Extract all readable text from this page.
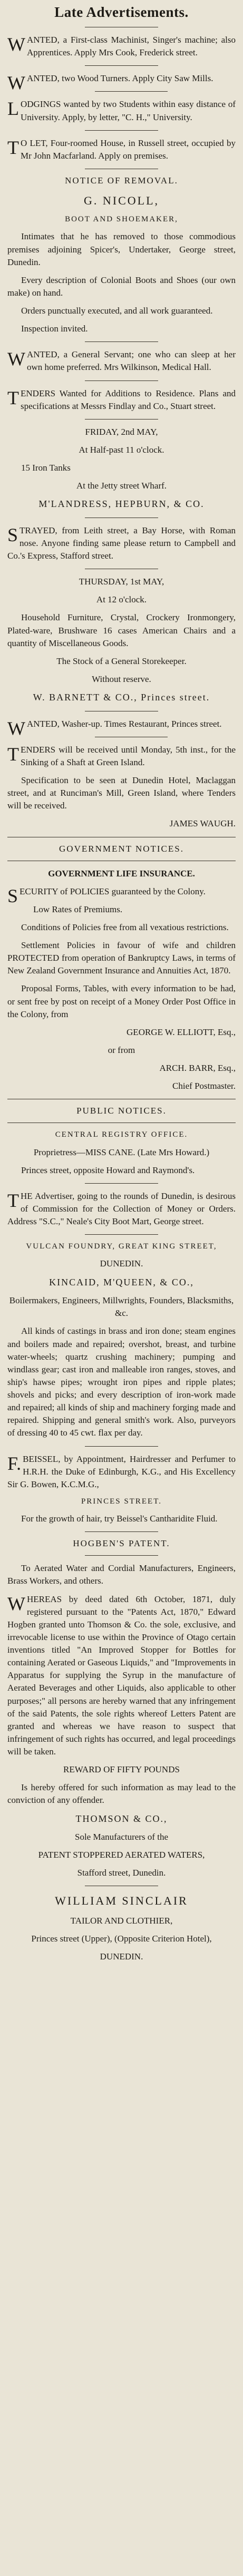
Late Advertisements.

WANTED, a First-class Machinist, Singer's machine; also Apprentices. Apply Mrs Cook, Frederick street.

WANTED, two Wood Turners. Apply City Saw Mills.

LODGINGS wanted by two Students within easy distance of University. Apply, by letter, "C. H.," University.

TO LET, Four-roomed House, in Russell street, occupied by Mr John Macfarland. Apply on premises.

NOTICE OF REMOVAL.

G. NICOLL,

BOOT AND SHOEMAKER,

Intimates that he has removed to those commodious premises adjoining Spicer's, Undertaker, George street, Dunedin.

Every description of Colonial Boots and Shoes (our own make) on hand.

Orders punctually executed, and all work guaranteed.

Inspection invited.

WANTED, a General Servant; one who can sleep at her own home preferred. Mrs Wilkinson, Medical Hall.

TENDERS Wanted for Additions to Residence. Plans and specifications at Messrs Findlay and Co., Stuart street.

FRIDAY, 2nd MAY,

At Half-past 11 o'clock.

15 Iron Tanks

At the Jetty street Wharf.

M'LANDRESS, HEPBURN, & CO.

STRAYED, from Leith street, a Bay Horse, with Roman nose. Anyone finding same please return to Campbell and Co.'s Express, Stafford street.

THURSDAY, 1st MAY,

At 12 o'clock.

Household Furniture, Crystal, Crockery Ironmongery, Plated-ware, Brushware 16 cases American Chairs and a quantity of Miscellaneous Goods.

The Stock of a General Storekeeper.

Without reserve.

W. BARNETT & CO., Princes street.

WANTED, Washer-up. Times Restaurant, Princes street.

TENDERS will be received until Monday, 5th inst., for the Sinking of a Shaft at Green Island.

Specification to be seen at Dunedin Hotel, Maclaggan street, and at Runciman's Mill, Green Island, where Tenders will be received.

JAMES WAUGH.

GOVERNMENT NOTICES.

GOVERNMENT LIFE INSURANCE.

SECURITY of POLICIES guaranteed by the Colony.

Low Rates of Premiums.

Conditions of Policies free from all vexatious restrictions.

Settlement Policies in favour of wife and children PROTECTED from operation of Bankruptcy Laws, in terms of New Zealand Government Insurance and Annuities Act, 1870.

Proposal Forms, Tables, with every information to be had, or sent free by post on receipt of a Money Order Post Office in the Colony, from

GEORGE W. ELLIOTT, Esq.,

or from

ARCH. BARR, Esq.,

Chief Postmaster.

PUBLIC NOTICES.

CENTRAL REGISTRY OFFICE.

Proprietress—MISS CANE. (Late Mrs Howard.)

Princes street, opposite Howard and Raymond's.

THE Advertiser, going to the rounds of Dunedin, is desirous of Commission for the Collection of Money or Orders. Address "S.C.," Neale's City Boot Mart, George street.

VULCAN FOUNDRY, GREAT KING STREET,

DUNEDIN.

KINCAID, M'QUEEN, & CO.,

Boilermakers, Engineers, Millwrights, Founders, Blacksmiths, &c.

All kinds of castings in brass and iron done; steam engines and boilers made and repaired; overshot, breast, and turbine water-wheels; quartz crushing machinery; pumping and windlass gear; cast iron and malleable iron ranges, stoves, and ship's hawse pipes; wrought iron pipes and ripple plates; shovels and picks; and every description of iron-work made and repaired; all kinds of ship and machinery forging made and repaired. Shipping and general smith's work. Also, purveyors of dressing 40 to 45 cwt. flax per day.

F.BEISSEL, by Appointment, Hairdresser and Perfumer to H.R.H. the Duke of Edinburgh, K.G., and His Excellency Sir G. Bowen, K.C.M.G.,

PRINCES STREET.

For the growth of hair, try Beissel's Cantharidite Fluid.

HOGBEN'S PATENT.

To Aerated Water and Cordial Manufacturers, Engineers, Brass Workers, and others.

WHEREAS by deed dated 6th October, 1871, duly registered pursuant to the "Patents Act, 1870," Edward Hogben granted unto Thomson & Co. the sole, exclusive, and irrevocable license to use within the Province of Otago certain inventions titled "An Improved Stopper for Bottles for containing Aerated or Gaseous Liquids," and "Improvements in Apparatus for supplying the Syrup in the manufacture of Aerated Beverages and other Liquids, also applicable to other purposes;" all persons are hereby warned that any infringement of the said Patents, the sole rights whereof Letters Patent are granted and whereas we have reason to suspect that infringement of such rights has occurred, and legal proceedings will be taken.

REWARD OF FIFTY POUNDS

Is hereby offered for such information as may lead to the conviction of any offender.

THOMSON & CO.,

Sole Manufacturers of the

PATENT STOPPERED AERATED WATERS,

Stafford street, Dunedin.

WILLIAM SINCLAIR

TAILOR AND CLOTHIER,

Princes street (Upper), (Opposite Criterion Hotel),

DUNEDIN.
